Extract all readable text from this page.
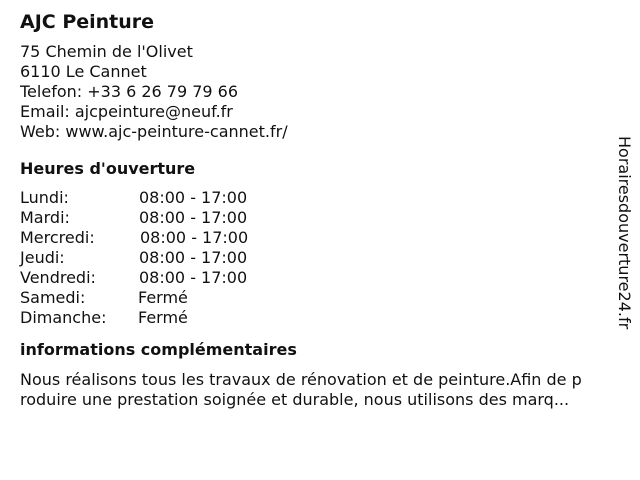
AJC Peinture
75 Chemin de l'Olivet
6110 Le Cannet
Telefon: +33 6 26 79 79 66
Email: ajcpeinture@neuf.fr
Web: www.ajc-peinture-cannet.fr/
Heures d'ouverture
Lundi:	08:00 - 17:00
Mardi:	08:00 - 17:00
Mercredi:	08:00 - 17:00
Jeudi:	08:00 - 17:00
Vendredi:	08:00 - 17:00
Samedi:	Fermé
Dimanche:	Fermé
informations complémentaires
Nous réalisons tous les travaux de rénovation et de peinture.Afin de p
roduire une prestation soignée et durable, nous utilisons des marq...
Horairesdouverture24.fr
